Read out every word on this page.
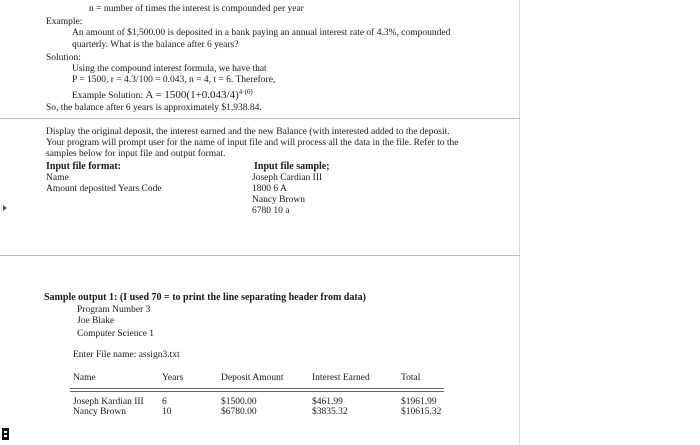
n = number of times the interest is compounded per year
Example:
An amount of $1,500.00 is deposited in a bank paying an annual interest rate of 4.3%, compounded
quarterly. What is the balance after 6 years?
Solution:
Using the compound interest formula, we have that
P = 1500, r = 4.3/100 = 0.043, n = 4, t = 6. Therefore,
Example Solution: $A = 1500(1+0.043/4)^{4\cdot(6)}$
So, the balance after 6 years is approximately $1,938.84.
Display the original deposit, the interest earned and the new Balance (with interested added to the deposit.
Your program will prompt user for the name of input file and will process all the data in the file. Refer to the
samples below for input file and output format.
Input file format:
Name
Amount deposited Years Code
Input file sample;
Joseph Cardian III
1800 6 A
Nancy Brown
6780 10 a
Sample output 1: (I used 70 = to print the line separating header from data)
Program Number 3
Joe Blake
Computer Science 1
Enter File name: assign3.txt
Name	Years	Deposit Amount	Interest Earned	Total
Joseph Kardian III 6	$1500.00	$461.99	$1961.99
Nancy Brown	10	$6780.00	$3835.32	$10615.32
